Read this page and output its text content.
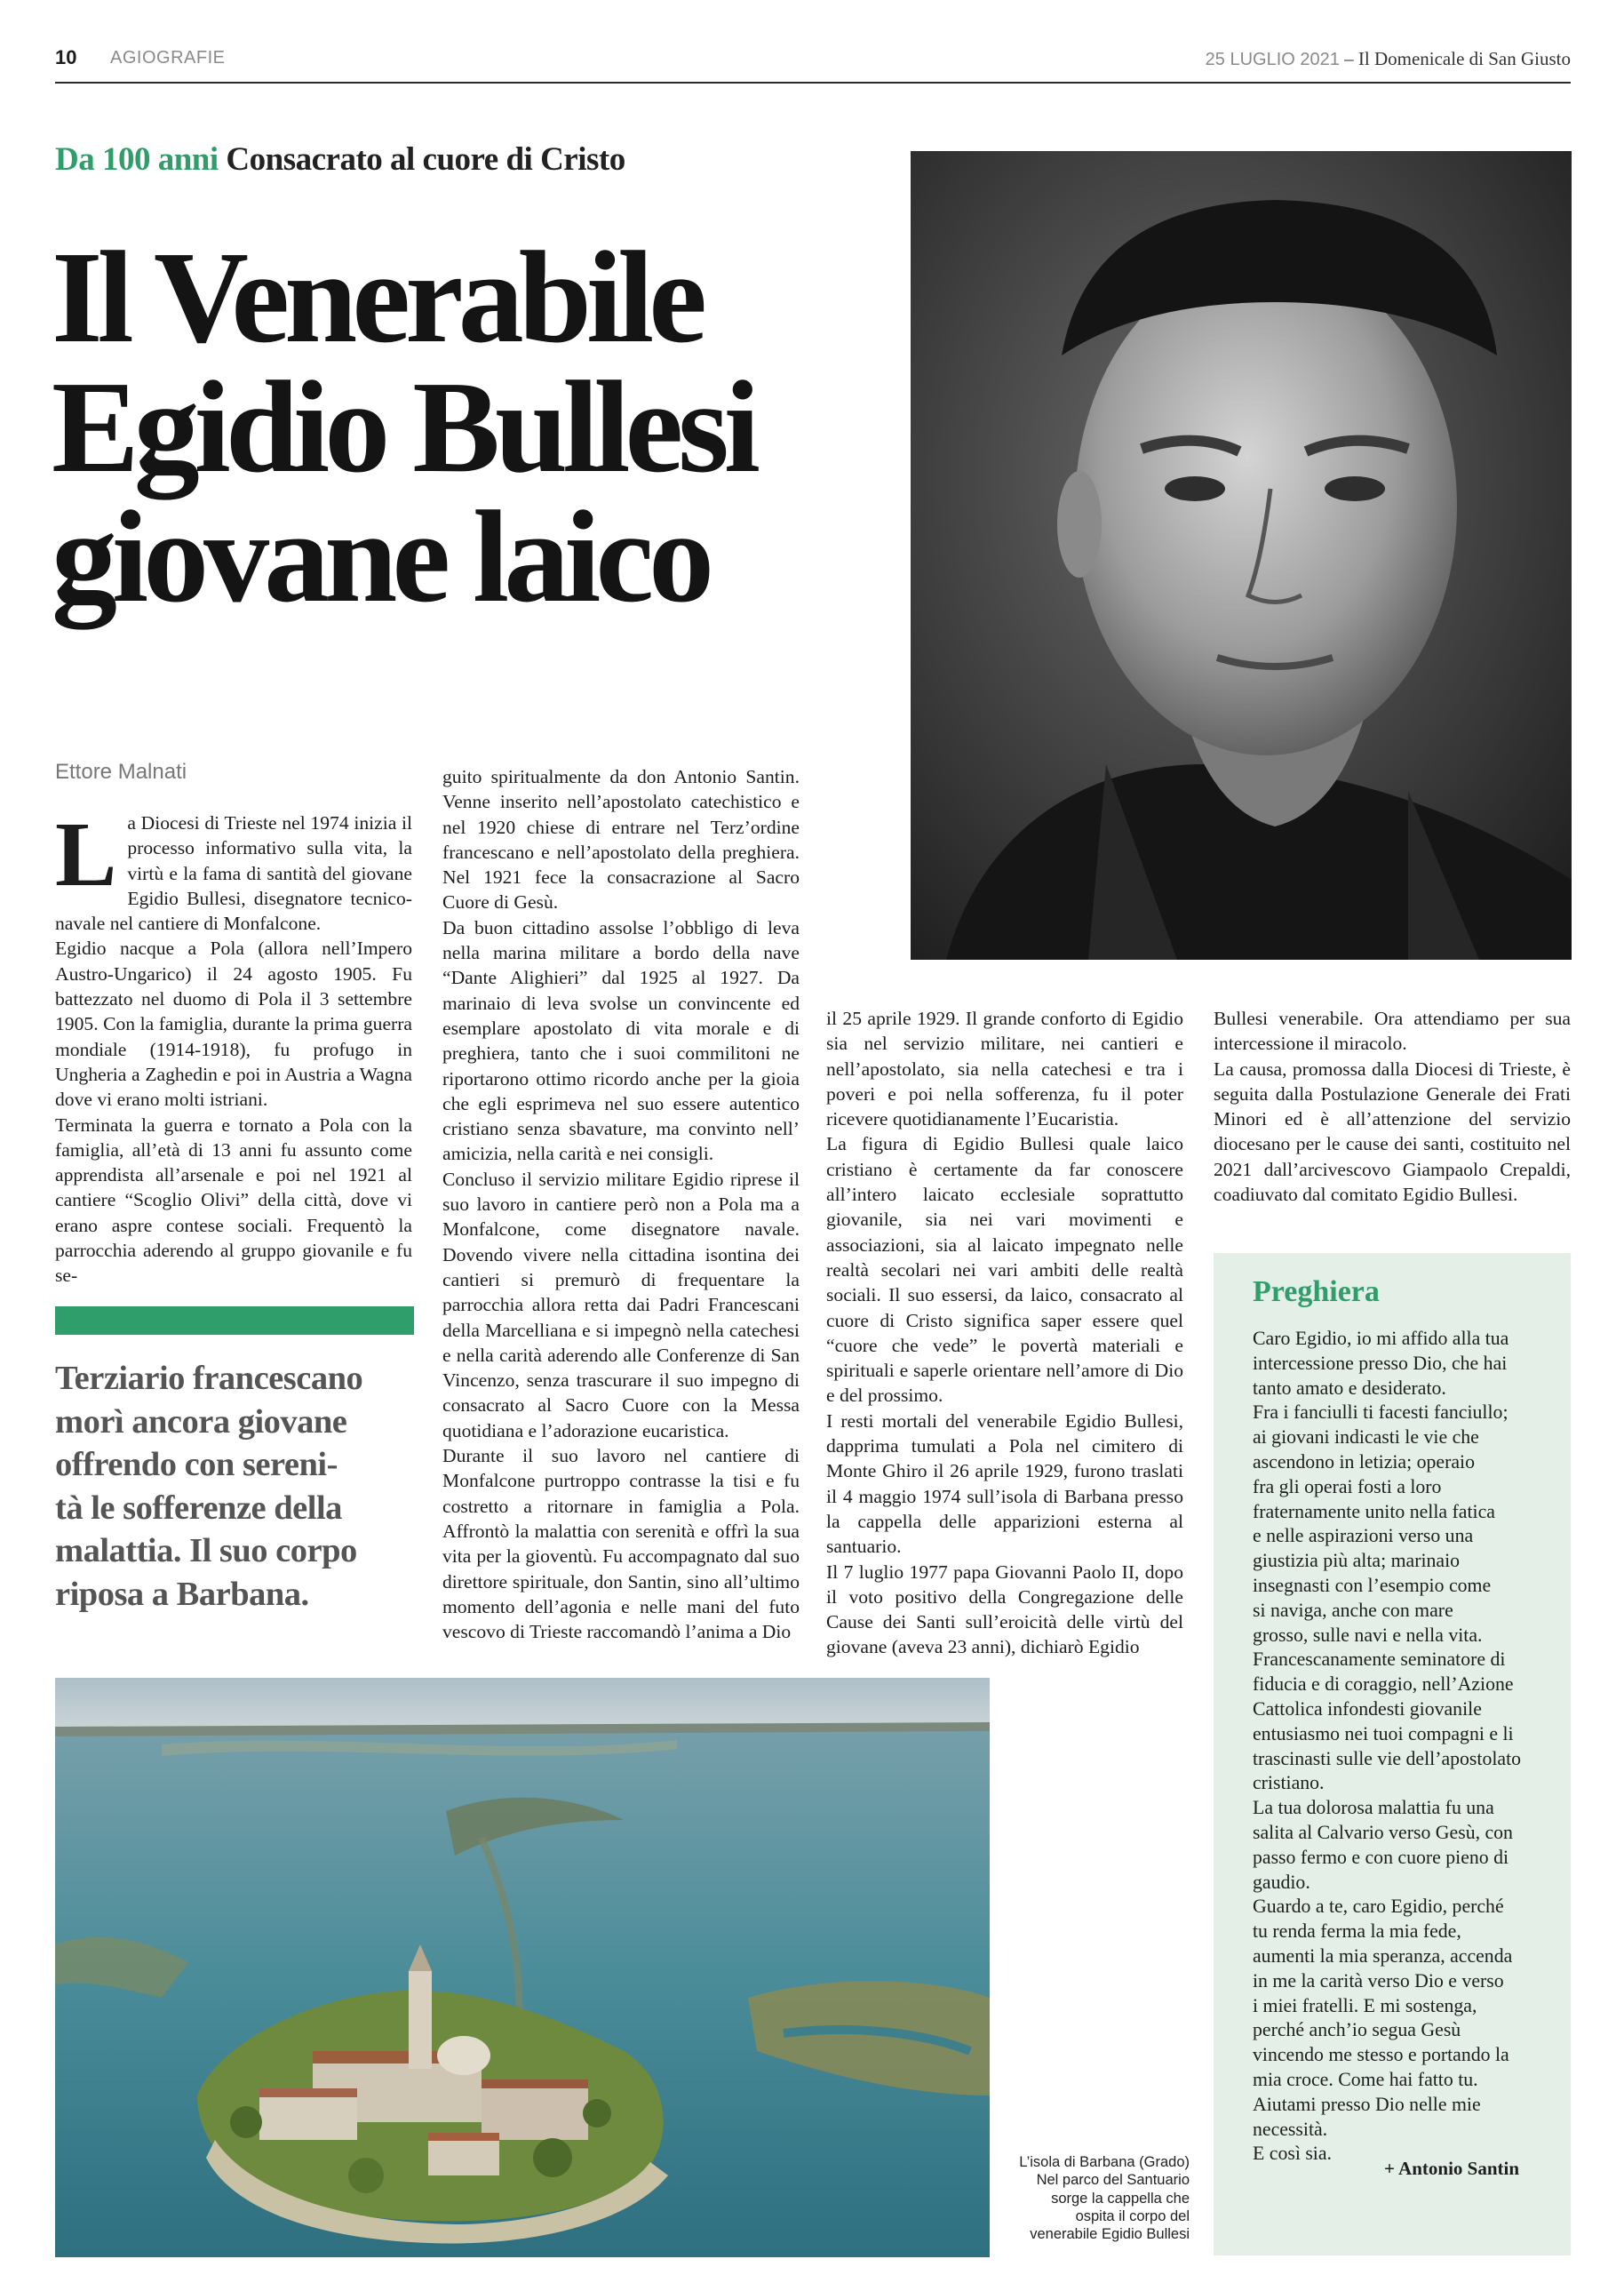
10 AGIOGRAFIE	25 LUGLIO 2021 – Il Domenicale di San Giusto
Da 100 anni Consacrato al cuore di Cristo
Il Venerabile
Egidio Bullesi
giovane laico
Ettore Malnati

La Diocesi di Trieste nel 1974 inizia il processo informativo sulla vita, la virtù e la fama di santità del giovane Egidio Bullesi, disegnatore tecnico-navale nel cantiere di Monfalcone.

Egidio nacque a Pola (allora nell’Impero Austro-Ungarico) il 24 agosto 1905. Fu battezzato nel duomo di Pola il 3 settembre 1905. Con la famiglia, durante la prima guerra mondiale (1914-1918), fu profugo in Ungheria a Zaghedin e poi in Austria a Wagna dove vi erano molti istriani.

Terminata la guerra e tornato a Pola con la famiglia, all’età di 13 anni fu assunto come apprendista all’arsenale e poi nel 1921 al cantiere “Scoglio Olivi” della città, dove vi erano aspre contese sociali. Frequentò la parrocchia aderendo al gruppo giovanile e fu se-

Terziario francescano
morì ancora giovane
offrendo con sereni-
tà le sofferenze della
malattia. Il suo corpo
riposa a Barbana.

guito spiritualmente da don Antonio Santin. Venne inserito nell’apostolato catechistico e nel 1920 chiese di entrare nel Terz’ordine francescano e nell’apostolato della preghiera. Nel 1921 fece la consacrazione al Sacro Cuore di Gesù.

Da buon cittadino assolse l’obbligo di leva nella marina militare a bordo della nave “Dante Alighieri” dal 1925 al 1927. Da marinaio di leva svolse un convincente ed esemplare apostolato di vita morale e di preghiera, tanto che i suoi commilitoni ne riportarono ottimo ricordo anche per la gioia che egli esprimeva nel suo essere autentico cristiano senza sbavature, ma convinto nell’ amicizia, nella carità e nei consigli.

Concluso il servizio militare Egidio riprese il suo lavoro in cantiere però non a Pola ma a Monfalcone, come disegnatore navale. Dovendo vivere nella cittadina isontina dei cantieri si premurò di frequentare la parrocchia allora retta dai Padri Francescani della Marcelliana e si impegnò nella catechesi e nella carità aderendo alle Conferenze di San Vincenzo, senza trascurare il suo impegno di consacrato al Sacro Cuore con la Messa quotidiana e l’adorazione eucaristica.

Durante il suo lavoro nel cantiere di Monfalcone purtroppo contrasse la tisi e fu costretto a ritornare in famiglia a Pola. Affrontò la malattia con serenità e offrì la sua vita per la gioventù. Fu accompagnato dal suo direttore spirituale, don Santin, sino all’ultimo momento dell’agonia e nelle mani del futo vescovo di Trieste raccomandò l’anima a Dio

il 25 aprile 1929. Il grande conforto di Egidio sia nel servizio militare, nei cantieri e nell’apostolato, sia nella catechesi e tra i poveri e poi nella sofferenza, fu il poter ricevere quotidianamente l’Eucaristia.

La figura di Egidio Bullesi quale laico cristiano è certamente da far conoscere all’intero laicato ecclesiale soprattutto giovanile, sia nei vari movimenti e associazioni, sia al laicato impegnato nelle realtà secolari nei vari ambiti delle realtà sociali. Il suo essersi, da laico, consacrato al cuore di Cristo significa saper essere quel “cuore che vede” le povertà materiali e spirituali e saperle orientare nell’amore di Dio e del prossimo.

I resti mortali del venerabile Egidio Bullesi, dapprima tumulati a Pola nel cimitero di Monte Ghiro il 26 aprile 1929, furono traslati il 4 maggio 1974 sull’isola di Barbana presso la cappella delle apparizioni esterna al santuario.

Il 7 luglio 1977 papa Giovanni Paolo II, dopo il voto positivo della Congregazione delle Cause dei Santi sull’eroicità delle virtù del giovane (aveva 23 anni), dichiarò Egidio

Bullesi venerabile. Ora attendiamo per sua intercessione il miracolo.

La causa, promossa dalla Diocesi di Trieste, è seguita dalla Postulazione Generale dei Frati Minori ed è all’attenzione del servizio diocesano per le cause dei santi, costituito nel 2021 dall’arcivescovo Giampaolo Crepaldi, coadiuvato dal comitato Egidio Bullesi.

Preghiera
Caro Egidio, io mi affido alla tua
intercessione presso Dio, che hai
tanto amato e desiderato.
Fra i fanciulli ti facesti fanciullo;
ai giovani indicasti le vie che
ascendono in letizia; operaio
fra gli operai fosti a loro
fraternamente unito nella fatica
e nelle aspirazioni verso una
giustizia più alta; marinaio
insegnasti con l’esempio come
si naviga, anche con mare
grosso, sulle navi e nella vita.
Francescanamente seminatore di
fiducia e di coraggio, nell’Azione
Cattolica infondesti giovanile
entusiasmo nei tuoi compagni e li
trascinasti sulle vie dell’apostolato
cristiano.
La tua dolorosa malattia fu una
salita al Calvario verso Gesù, con
passo fermo e con cuore pieno di
gaudio.
Guardo a te, caro Egidio, perché
tu renda ferma la mia fede,
aumenti la mia speranza, accenda
in me la carità verso Dio e verso
i miei fratelli. E mi sostenga,
perché anch’io segua Gesù
vincendo me stesso e portando la
mia croce. Come hai fatto tu.
Aiutami presso Dio nelle mie
necessità.
E così sia.
+ Antonio Santin
L’isola di Barbana (Grado)
Nel parco del Santuario
sorge la cappella che
ospita il corpo del
venerabile Egidio Bullesi
